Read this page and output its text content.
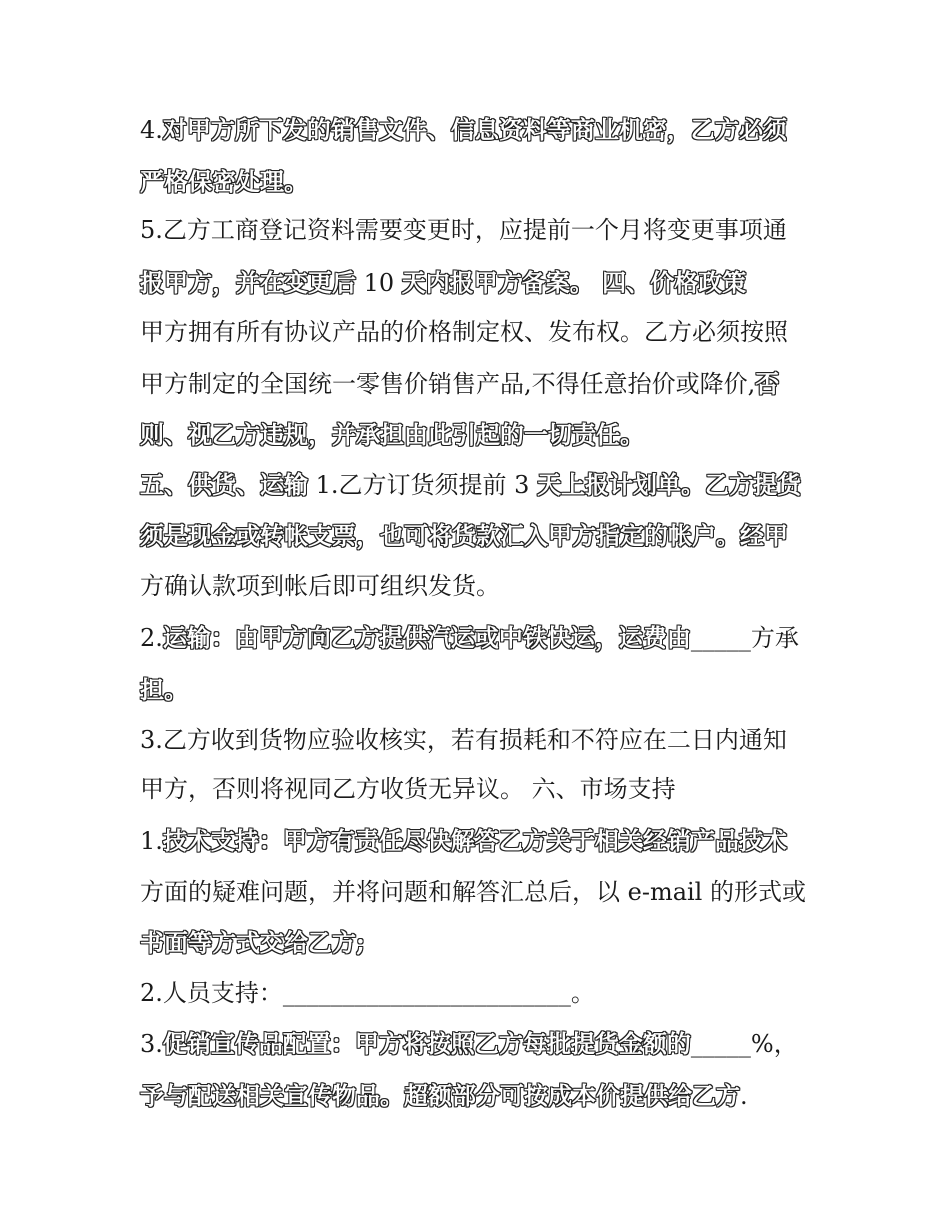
4.对甲方所下发的销售文件、信息资料等商业机密，乙方必须
严格保密处理。
5.乙方工商登记资料需要变更时，应提前一个月将变更事项通
报甲方，并在变更后 10 天内报甲方备案。 四、价格政策
甲方拥有所有协议产品的价格制定权、发布权。乙方必须按照
甲方制定的全国统一零售价销售产品,不得任意抬价或降价,否
则、视乙方违规，并承担由此引起的一切责任。
五、供货、运输 1.乙方订货须提前 3 天上报计划单。乙方提货
须是现金或转帐支票，也可将货款汇入甲方指定的帐户。经甲
方确认款项到帐后即可组织发货。
2.运输：由甲方向乙方提供汽运或中铁快运，运费由_____方承
担。
3.乙方收到货物应验收核实，若有损耗和不符应在二日内通知
甲方，否则将视同乙方收货无异议。 六、市场支持
1.技术支持：甲方有责任尽快解答乙方关于相关经销产品技术
方面的疑难问题，并将问题和解答汇总后，以 e-mail 的形式或
书面等方式交给乙方;
2.人员支持：________________________。
3.促销宣传品配置：甲方将按照乙方每批提货金额的_____%，
予与配送相关宣传物品。超额部分可按成本价提供给乙方.
